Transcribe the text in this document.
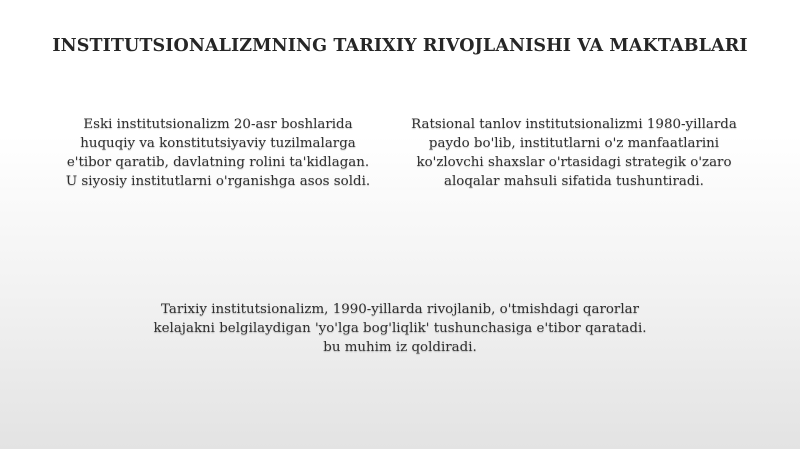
INSTITUTSIONALIZMNING TARIXIY RIVOJLANISHI VA MAKTABLARI
Eski institutsionalizm 20-asr boshlarida
huquqiy va konstitutsiyaviy tuzilmalarga
e'tibor qaratib, davlatning rolini ta'kidlagan.
U siyosiy institutlarni o'rganishga asos soldi.
Ratsional tanlov institutsionalizmi 1980-yillarda
paydo bo'lib, institutlarni o'z manfaatlarini
ko'zlovchi shaxslar o'rtasidagi strategik o'zaro
aloqalar mahsuli sifatida tushuntiradi.
Tarixiy institutsionalizm, 1990-yillarda rivojlanib, o'tmishdagi qarorlar
kelajakni belgilaydigan 'yo'lga bog'liqlik' tushunchasiga e'tibor qaratadi.
bu muhim iz qoldiradi.
